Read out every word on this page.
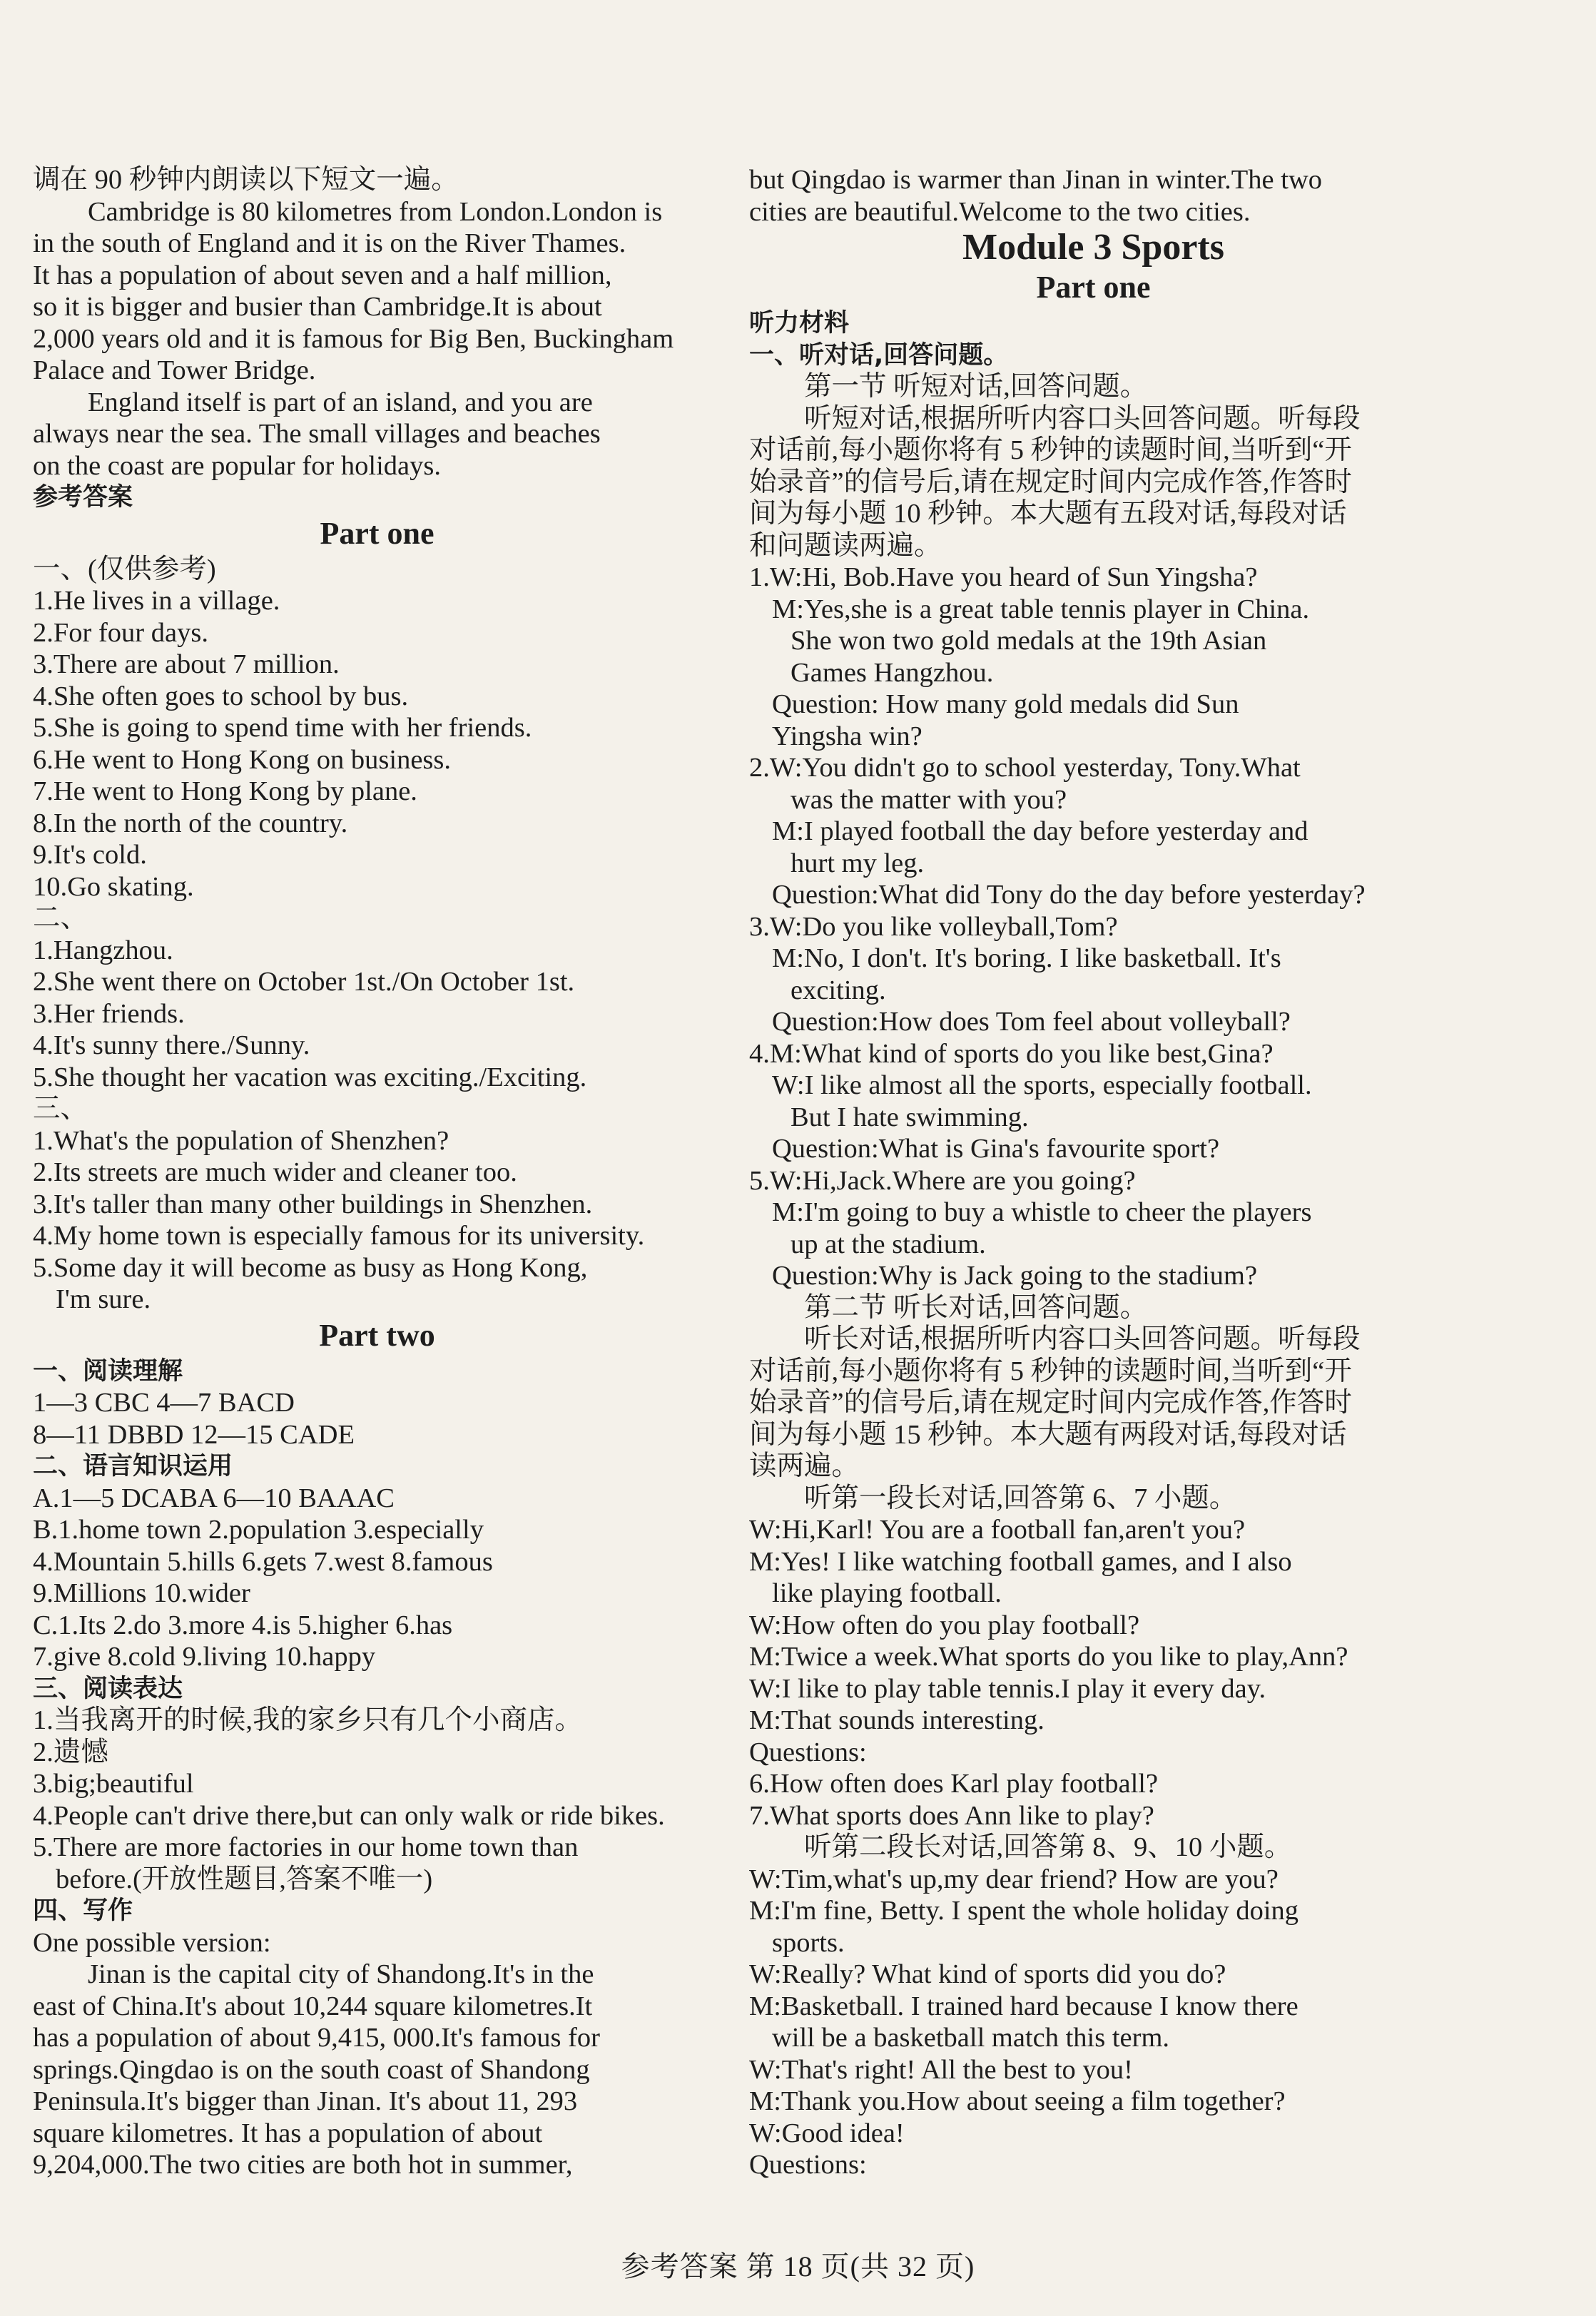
调在 90 秒钟内朗读以下短文一遍。
Cambridge is 80 kilometres from London.London is
in the south of England and it is on the River Thames.
It has a population of about seven and a half million,
so it is bigger and busier than Cambridge.It is about
2,000 years old and it is famous for Big Ben, Buckingham
Palace and Tower Bridge.
England itself is part of an island, and you are
always near the sea. The small villages and beaches
on the coast are popular for holidays.
参考答案
Part one
一、(仅供参考)
1.He lives in a village.
2.For four days.
3.There are about 7 million.
4.She often goes to school by bus.
5.She is going to spend time with her friends.
6.He went to Hong Kong on business.
7.He went to Hong Kong by plane.
8.In the north of the country.
9.It's cold.
10.Go skating.
二、
1.Hangzhou.
2.She went there on October 1st./On October 1st.
3.Her friends.
4.It's sunny there./Sunny.
5.She thought her vacation was exciting./Exciting.
三、
1.What's the population of Shenzhen?
2.Its streets are much wider and cleaner too.
3.It's taller than many other buildings in Shenzhen.
4.My home town is especially famous for its university.
5.Some day it will become as busy as Hong Kong,
I'm sure.
Part two
一、阅读理解
1—3 CBC 4—7 BACD
8—11 DBBD 12—15 CADE
二、语言知识运用
A.1—5 DCABA 6—10 BAAAC
B.1.home town 2.population 3.especially
4.Mountain 5.hills 6.gets 7.west 8.famous
9.Millions 10.wider
C.1.Its 2.do 3.more 4.is 5.higher 6.has
7.give 8.cold 9.living 10.happy
三、阅读表达
1.当我离开的时候,我的家乡只有几个小商店。
2.遗憾
3.big;beautiful
4.People can't drive there,but can only walk or ride bikes.
5.There are more factories in our home town than
before.(开放性题目,答案不唯一)
四、写作
One possible version:
Jinan is the capital city of Shandong.It's in the
east of China.It's about 10,244 square kilometres.It
has a population of about 9,415, 000.It's famous for
springs.Qingdao is on the south coast of Shandong
Peninsula.It's bigger than Jinan. It's about 11, 293
square kilometres. It has a population of about
9,204,000.The two cities are both hot in summer,
but Qingdao is warmer than Jinan in winter.The two
cities are beautiful.Welcome to the two cities.
Module 3 Sports
Part one
听力材料
一、听对话,回答问题。
第一节 听短对话,回答问题。
听短对话,根据所听内容口头回答问题。听每段
对话前,每小题你将有 5 秒钟的读题时间,当听到“开
始录音”的信号后,请在规定时间内完成作答,作答时
间为每小题 10 秒钟。本大题有五段对话,每段对话
和问题读两遍。
1.W:Hi, Bob.Have you heard of Sun Yingsha?
M:Yes,she is a great table tennis player in China.
She won two gold medals at the 19th Asian
Games Hangzhou.
Question: How many gold medals did Sun
Yingsha win?
2.W:You didn't go to school yesterday, Tony.What
was the matter with you?
M:I played football the day before yesterday and
hurt my leg.
Question:What did Tony do the day before yesterday?
3.W:Do you like volleyball,Tom?
M:No, I don't. It's boring. I like basketball. It's
exciting.
Question:How does Tom feel about volleyball?
4.M:What kind of sports do you like best,Gina?
W:I like almost all the sports, especially football.
But I hate swimming.
Question:What is Gina's favourite sport?
5.W:Hi,Jack.Where are you going?
M:I'm going to buy a whistle to cheer the players
up at the stadium.
Question:Why is Jack going to the stadium?
第二节 听长对话,回答问题。
听长对话,根据所听内容口头回答问题。听每段
对话前,每小题你将有 5 秒钟的读题时间,当听到“开
始录音”的信号后,请在规定时间内完成作答,作答时
间为每小题 15 秒钟。本大题有两段对话,每段对话
读两遍。
听第一段长对话,回答第 6、7 小题。
W:Hi,Karl! You are a football fan,aren't you?
M:Yes! I like watching football games, and I also
like playing football.
W:How often do you play football?
M:Twice a week.What sports do you like to play,Ann?
W:I like to play table tennis.I play it every day.
M:That sounds interesting.
Questions:
6.How often does Karl play football?
7.What sports does Ann like to play?
听第二段长对话,回答第 8、9、10 小题。
W:Tim,what's up,my dear friend? How are you?
M:I'm fine, Betty. I spent the whole holiday doing
sports.
W:Really? What kind of sports did you do?
M:Basketball. I trained hard because I know there
will be a basketball match this term.
W:That's right! All the best to you!
M:Thank you.How about seeing a film together?
W:Good idea!
Questions:
参考答案 第 18 页(共 32 页)
